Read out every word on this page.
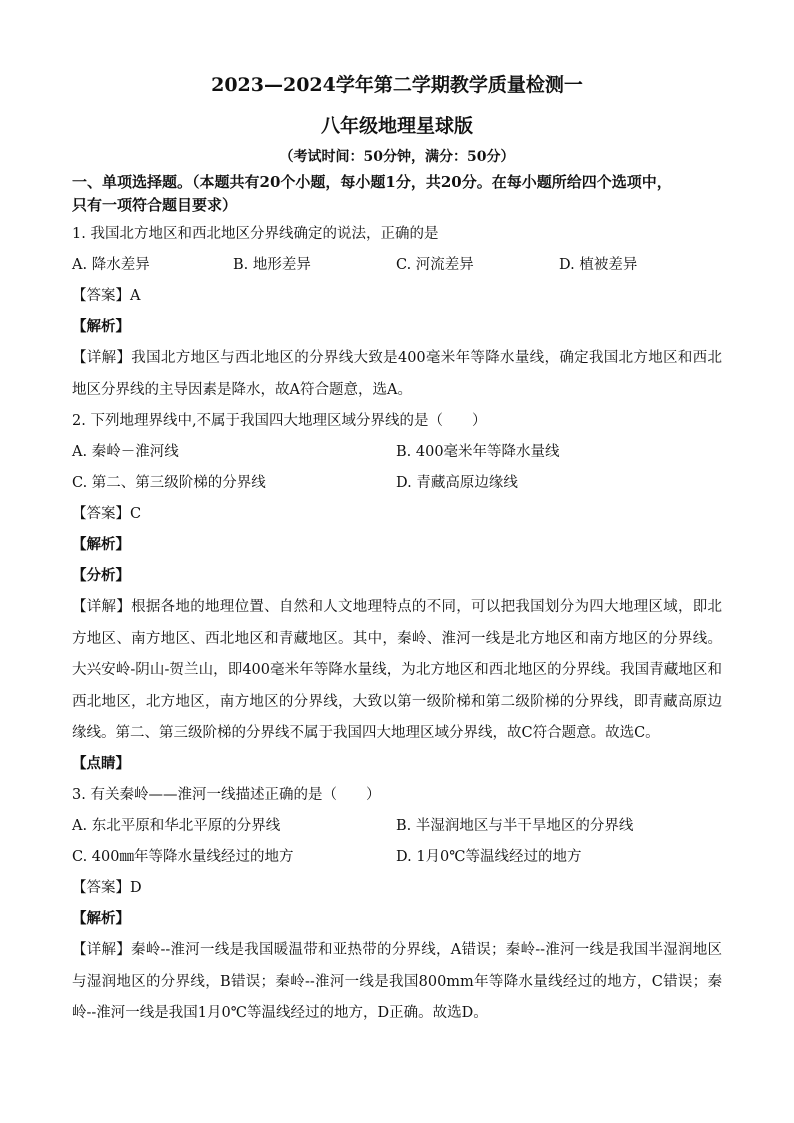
2023—2024学年第二学期教学质量检测一
八年级地理星球版
（考试时间：50分钟，满分：50分）
一、单项选择题。（本题共有20个小题，每小题1分，共20分。在每小题所给四个选项中，
只有一项符合题目要求）
1. 我国北方地区和西北地区分界线确定的说法，正确的是
A. 降水差异	B. 地形差异	C. 河流差异	D. 植被差异
【答案】A
【解析】
【详解】我国北方地区与西北地区的分界线大致是400毫米年等降水量线，确定我国北方地区和西北地区分界线的主导因素是降水，故A符合题意，选A。
2. 下列地理界线中,不属于我国四大地理区域分界线的是（　　）
A. 秦岭－淮河线	B. 400毫米年等降水量线
C. 第二、第三级阶梯的分界线	D. 青藏高原边缘线
【答案】C
【解析】
【分析】
【详解】根据各地的地理位置、自然和人文地理特点的不同，可以把我国划分为四大地理区域，即北方地区、南方地区、西北地区和青藏地区。其中，秦岭、淮河一线是北方地区和南方地区的分界线。大兴安岭-阴山-贺兰山，即400毫米年等降水量线，为北方地区和西北地区的分界线。我国青藏地区和西北地区，北方地区，南方地区的分界线，大致以第一级阶梯和第二级阶梯的分界线，即青藏高原边缘线。第二、第三级阶梯的分界线不属于我国四大地理区域分界线，故C符合题意。故选C。
【点睛】
3. 有关秦岭——淮河一线描述正确的是（　　）
A. 东北平原和华北平原的分界线	B. 半湿润地区与半干旱地区的分界线
C. 400㎜年等降水量线经过的地方	D. 1月0℃等温线经过的地方
【答案】D
【解析】
【详解】秦岭--淮河一线是我国暖温带和亚热带的分界线，A错误；秦岭--淮河一线是我国半湿润地区与湿润地区的分界线，B错误；秦岭--淮河一线是我国800mm年等降水量线经过的地方，C错误；秦岭--淮河一线是我国1月0℃等温线经过的地方，D正确。故选D。
